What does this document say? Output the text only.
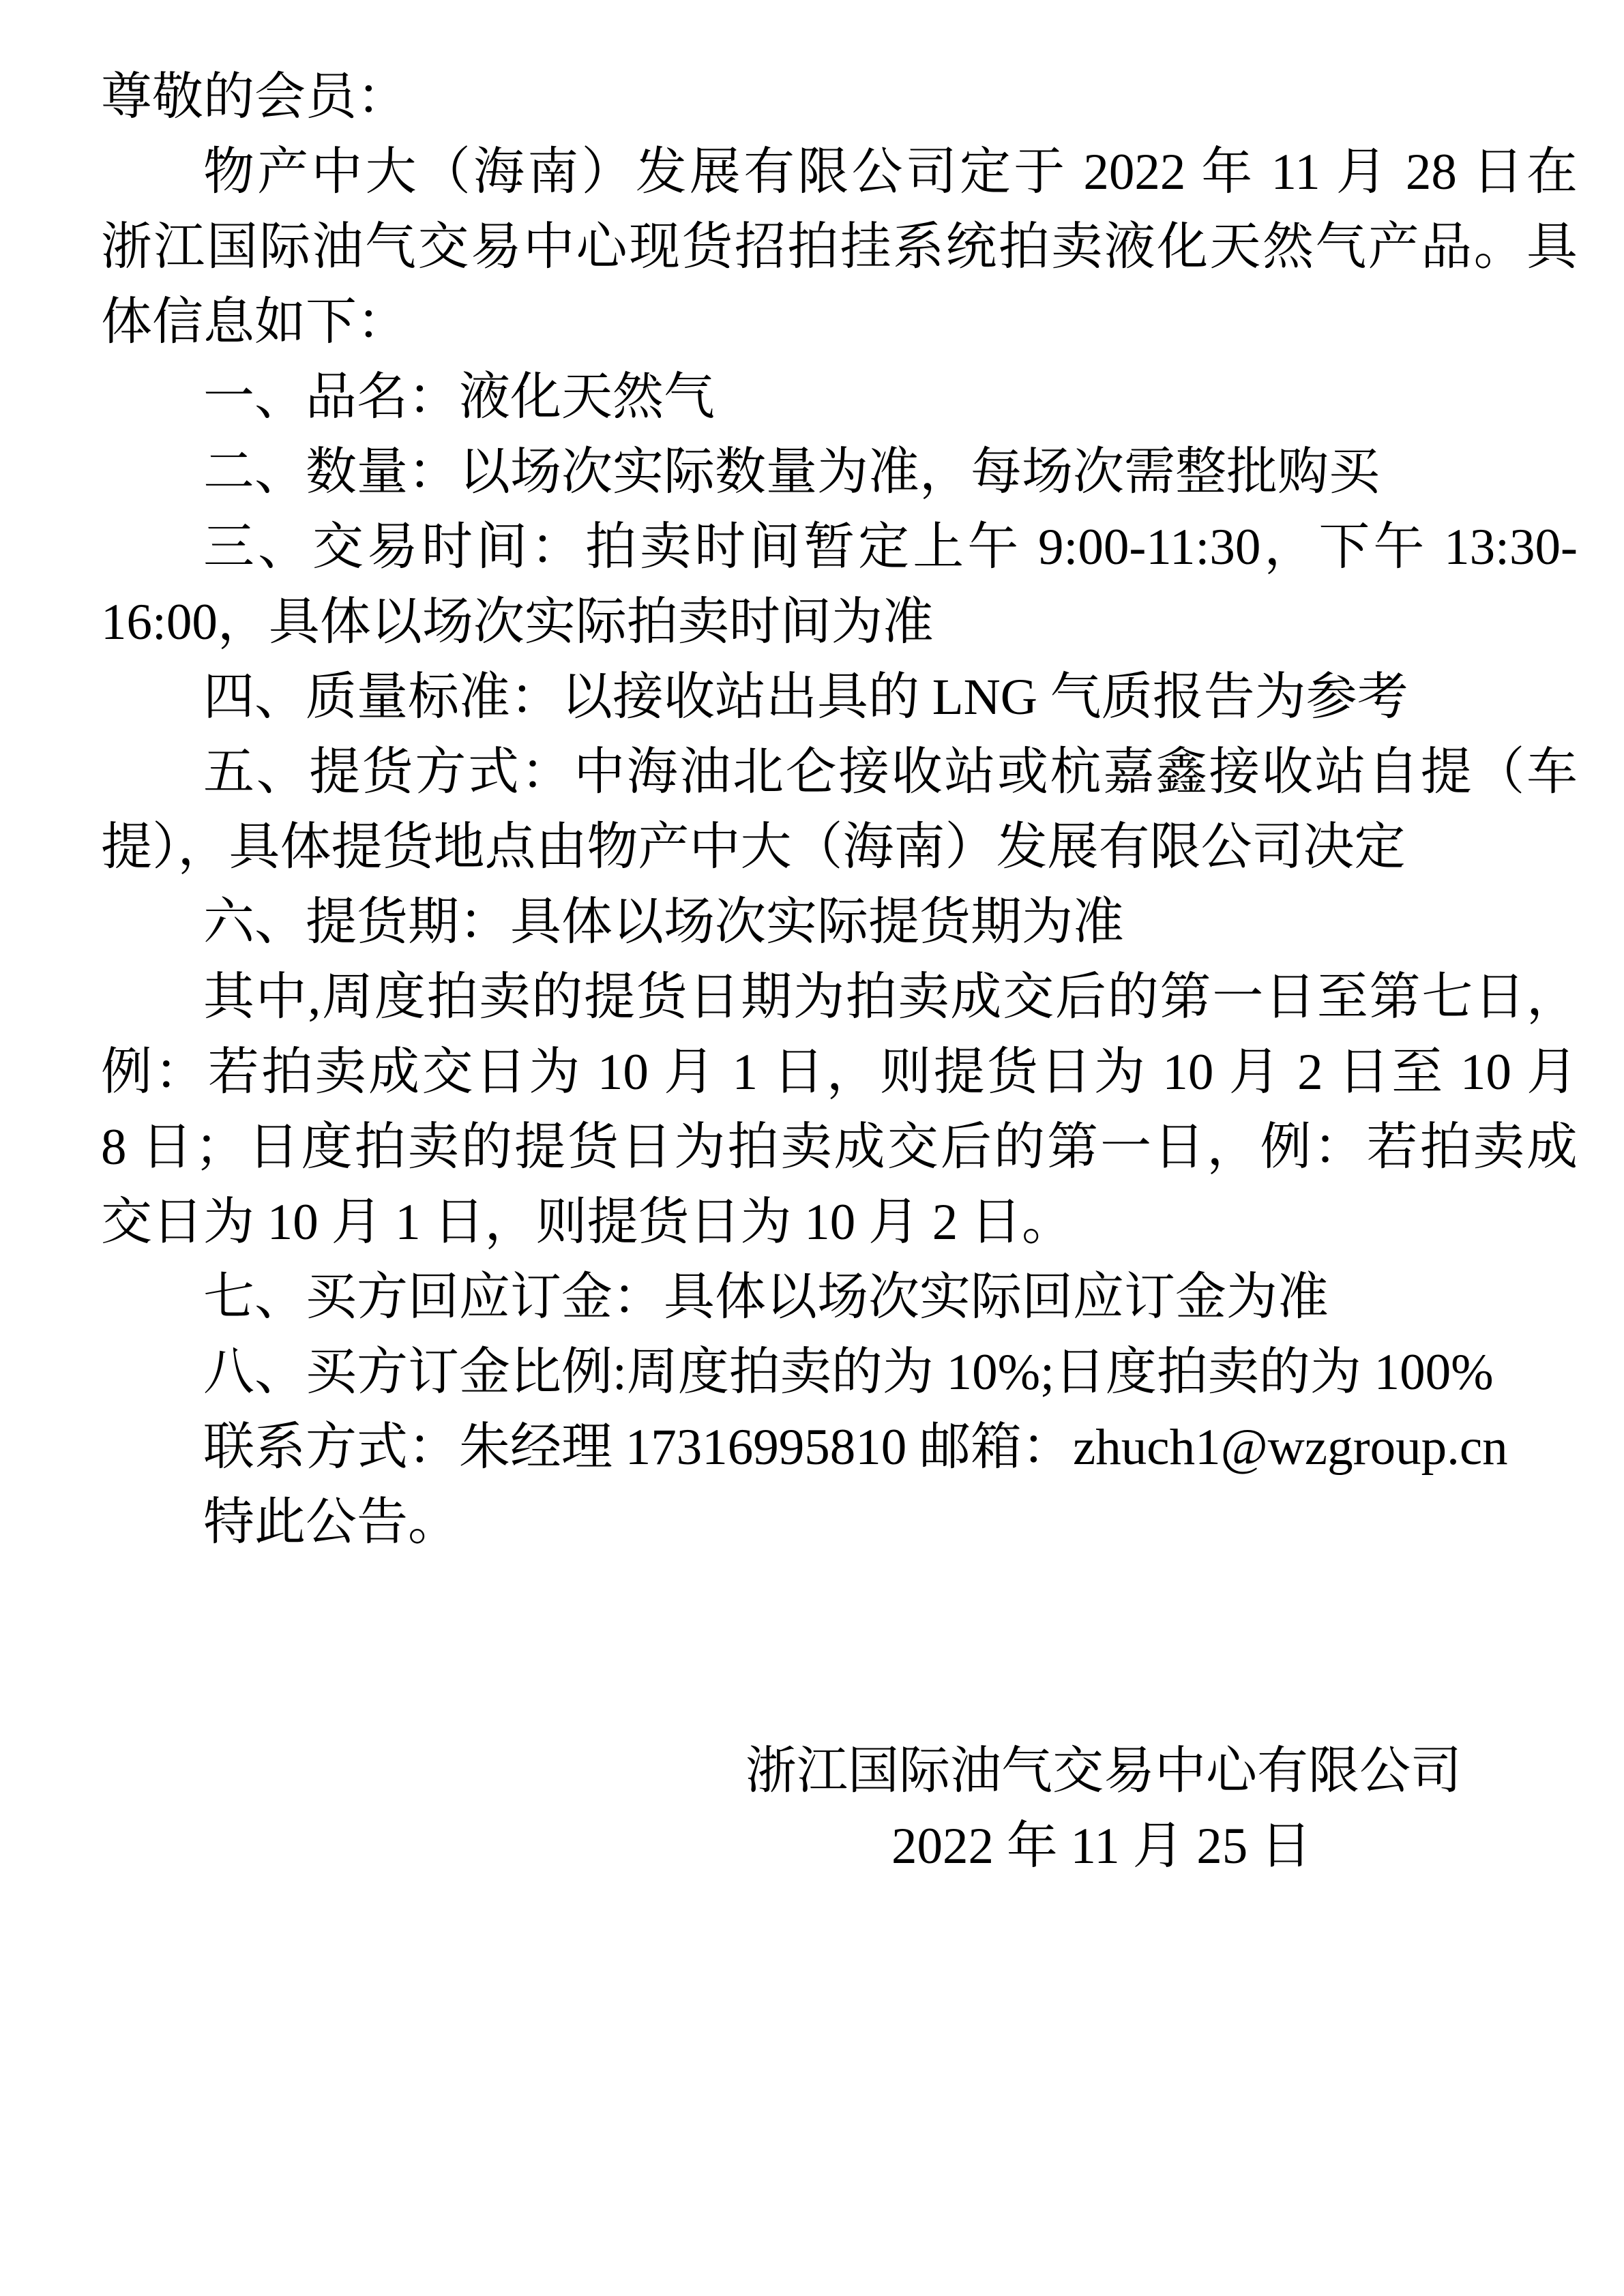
尊敬的会员：
物产中大（海南）发展有限公司定于 2022 年 11 月 28 日在
浙江国际油气交易中心现货招拍挂系统拍卖液化天然气产品。具
体信息如下：
一、品名：液化天然气
二、数量：以场次实际数量为准，每场次需整批购买
三、交易时间：拍卖时间暂定上午 9:00-11:30，下午 13:30-
16:00，具体以场次实际拍卖时间为准
四、质量标准：以接收站出具的 LNG 气质报告为参考
五、提货方式：中海油北仑接收站或杭嘉鑫接收站自提（车
提），具体提货地点由物产中大（海南）发展有限公司决定
六、提货期：具体以场次实际提货期为准
其中,周度拍卖的提货日期为拍卖成交后的第一日至第七日，
例：若拍卖成交日为 10 月 1 日，则提货日为 10 月 2 日至 10 月
8 日；日度拍卖的提货日为拍卖成交后的第一日，例：若拍卖成
交日为 10 月 1 日，则提货日为 10 月 2 日。
七、买方回应订金：具体以场次实际回应订金为准
八、买方订金比例:周度拍卖的为 10%;日度拍卖的为 100%
联系方式：朱经理 17316995810 邮箱：zhuch1@wzgroup.cn
特此公告。
浙江国际油气交易中心有限公司
2022 年 11 月 25 日
